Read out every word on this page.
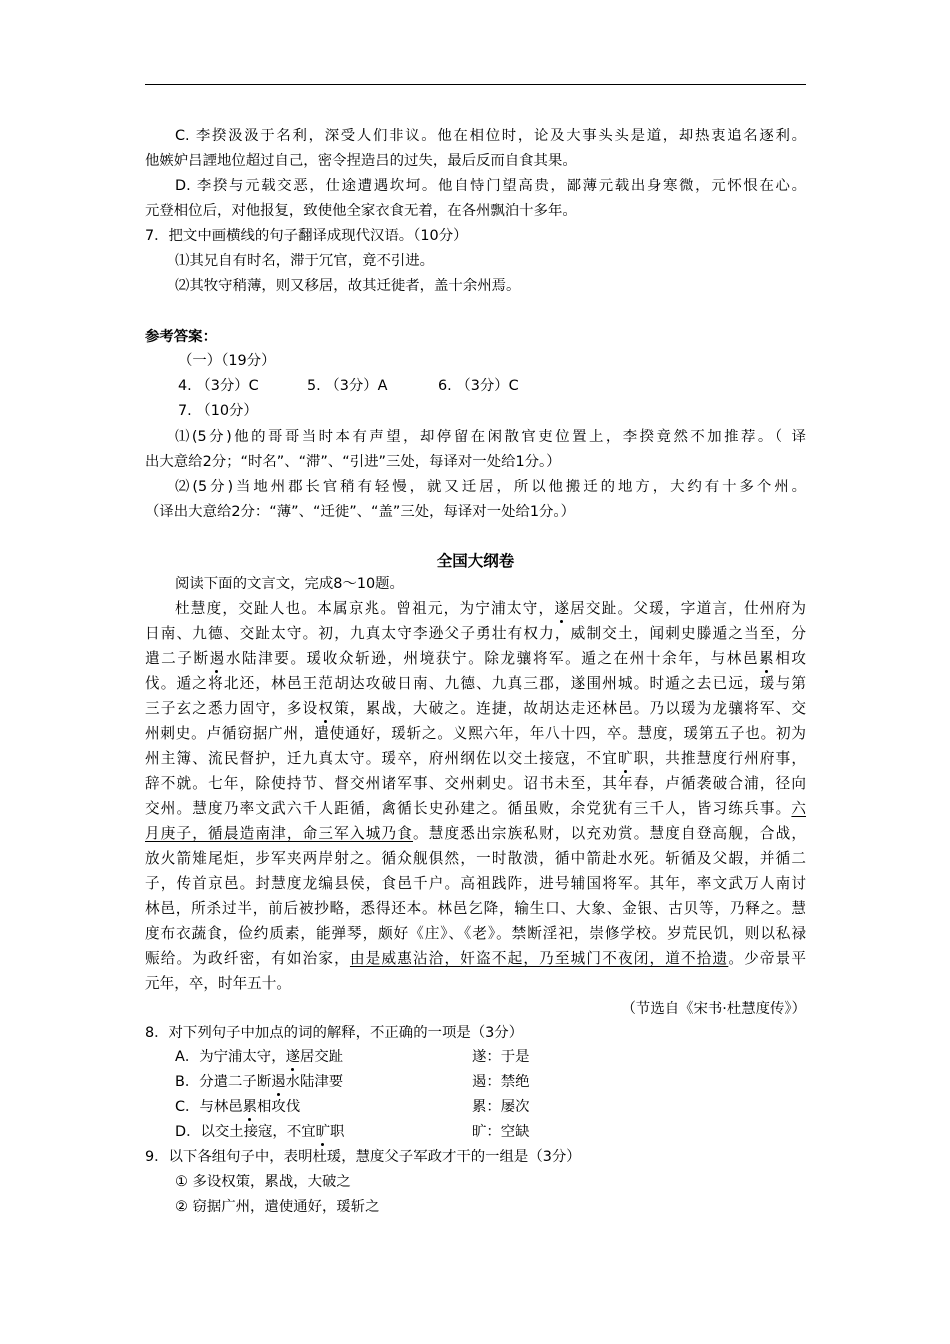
C. 李揆汲汲于名利，深受人们非议。他在相位时，论及大事头头是道，却热衷追名逐利。
他嫉妒吕諲地位超过自己，密令捏造吕的过失，最后反而自食其果。
D. 李揆与元载交恶，仕途遭遇坎坷。他自恃门望高贵，鄙薄元载出身寒微，元怀恨在心。
元登相位后，对他报复，致使他全家衣食无着，在各州飘泊十多年。
7．把文中画横线的句子翻译成现代汉语。（10分）
⑴其兄自有时名，滞于冗官，竟不引进。
⑵其牧守稍薄，则又移居，故其迁徙者，盖十余州焉。
参考答案：
（一）（19分）
4. （3分）C	5. （3分）A	6. （3分）C
7. （10分）
⑴(5分)他的哥哥当时本有声望，却停留在闲散官吏位置上，李揆竟然不加推荐。（ 译
出大意给2分；“时名”、“滞”、“引进”三处，每译对一处给1分。）
⑵(5分)当地州郡长官稍有轻慢，就又迁居，所以他搬迁的地方，大约有十多个州。
（译出大意给2分：“薄”、“迁徙”、“盖”三处，每译对一处给1分。）
全国大纲卷
阅读下面的文言文，完成8～10题。
杜慧度，交趾人也。本属京兆。曾祖元，为宁浦太守，遂居交趾。父瑗，字道言，仕州府为
日南、九德、交趾太守。初，九真太守李逊父子勇壮有权力，威制交土，闻刺史滕遁之当至，分
遣二子断遏水陆津要。瑗收众斩逊，州境获宁。除龙骧将军。遁之在州十余年，与林邑累相攻
伐。遁之将北还，林邑王范胡达攻破日南、九德、九真三郡，遂围州城。时遁之去已远，瑗与第
三子玄之悉力固守，多设权策，累战，大破之。连捷，故胡达走还林邑。乃以瑗为龙骧将军、交
州刺史。卢循窃据广州，遣使通好，瑗斩之。义熙六年，年八十四，卒。慧度，瑗第五子也。初为
州主簿、流民督护，迁九真太守。瑗卒，府州纲佐以交土接寇，不宜旷职，共推慧度行州府事，
辞不就。七年，除使持节、督交州诸军事、交州刺史。诏书未至，其年春，卢循袭破合浦，径向
交州。慧度乃率文武六千人距循，禽循长史孙建之。循虽败，余党犹有三千人，皆习练兵事。六
月庚子，循晨造南津，命三军入城乃食。慧度悉出宗族私财，以充劝赏。慧度自登高舰，合战，
放火箭雉尾炬，步军夹两岸射之。循众舰俱然，一时散溃，循中箭赴水死。斩循及父嘏，并循二
子，传首京邑。封慧度龙编县侯，食邑千户。高祖践阼，进号辅国将军。其年，率文武万人南讨
林邑，所杀过半，前后被抄略，悉得还本。林邑乞降，输生口、大象、金银、古贝等，乃释之。慧
度布衣蔬食，俭约质素，能弹琴，颇好《庄》、《老》。禁断淫祀，崇修学校。岁荒民饥，则以私禄
赈给。为政纤密，有如治家，由是威惠沾洽，奸盗不起，乃至城门不夜闭，道不拾遗。少帝景平
元年，卒，时年五十。
（节选自《宋书·杜慧度传》）
8．对下列句子中加点的词的解释，不正确的一项是（3分）
A．为宁浦太守，遂居交趾	遂：于是
B．分遣二子断遏水陆津要	遏：禁绝
C．与林邑累相攻伐	累：屡次
D．以交土接寇，不宜旷职	旷：空缺
9．以下各组句子中，表明杜瑗，慧度父子军政才干的一组是（3分）
① 多设权策，累战，大破之
② 窃据广州，遣使通好，瑗斩之
